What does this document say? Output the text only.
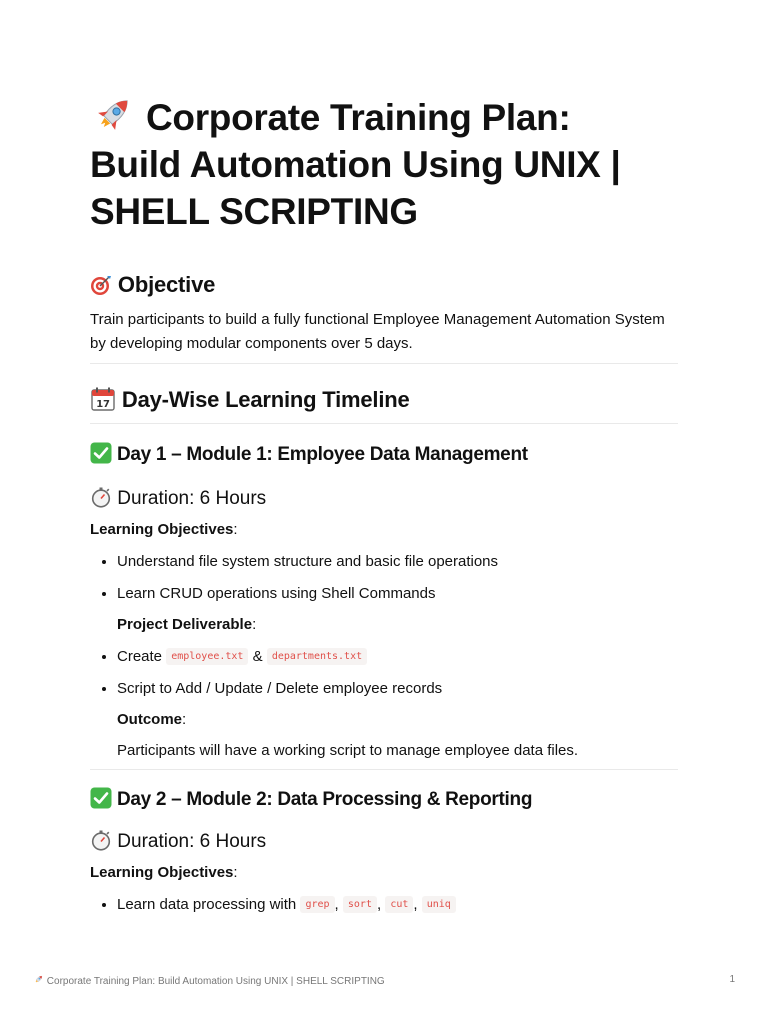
Corporate Training Plan:
Build Automation Using UNIX |
SHELL SCRIPTING
Objective

Train participants to build a fully functional Employee Management Automation System by developing modular components over 5 days.

17 Day-Wise Learning Timeline
Day 1 – Module 1: Employee Data Management
Duration: 6 Hours

Learning Objectives:

• Understand file system structure and basic file operations
• Learn CRUD operations using Shell Commands
Project Deliverable:
• Create employee.txt & departments.txt
• Script to Add / Update / Delete employee records
Outcome:
Participants will have a working script to manage employee data files.
Day 2 – Module 2: Data Processing & Reporting
Duration: 6 Hours

Learning Objectives:

• Learn data processing with grep , sort , cut , uniq
Corporate Training Plan: Build Automation Using UNIX | SHELL SCRIPTING	1
